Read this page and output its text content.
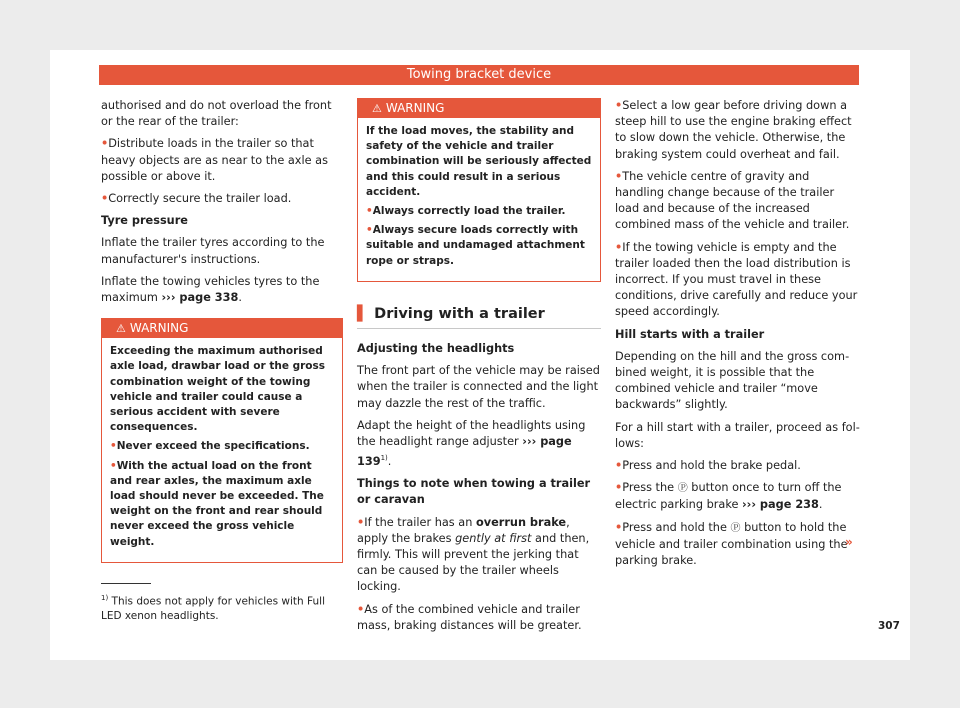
Towing bracket device

authorised and do not overload the front or the rear of the trailer:

• Distribute loads in the trailer so that heavy objects are as near to the axle as possible or above it.

• Correctly secure the trailer load.

Tyre pressure

Inflate the trailer tyres according to the manufacturer's instructions.

Inflate the towing vehicles tyres to the maximum ››› page 338.

⚠ WARNING

Exceeding the maximum authorised axle load, drawbar load or the gross combination weight of the towing vehicle and trailer could cause a serious accident with severe consequences.

• Never exceed the specifications.

• With the actual load on the front and rear axles, the maximum axle load should never be exceeded. The weight on the front and rear should never exceed the gross vehicle weight.

⚠ WARNING

If the load moves, the stability and safety of the vehicle and trailer combination will be seriously affected and this could result in a serious accident.

• Always correctly load the trailer.

• Always secure loads correctly with suitable and undamaged attachment rope or straps.

▌ Driving with a trailer

Adjusting the headlights

The front part of the vehicle may be raised when the trailer is connected and the light may dazzle the rest of the traffic.

Adapt the height of the headlights using the headlight range adjuster ››› page 139$^{1)}$.

Things to note when towing a trailer or caravan

• If the trailer has an overrun brake, apply the brakes gently at first and then, firmly. This will prevent the jerking that can be caused by the trailer wheels locking.

• As of the combined vehicle and trailer mass, braking distances will be greater.

• Select a low gear before driving down a steep hill to use the engine braking effect to slow down the vehicle. Otherwise, the braking system could overheat and fail.

• The vehicle centre of gravity and handling change because of the trailer load and because of the increased combined mass of the vehicle and trailer.

• If the towing vehicle is empty and the trailer loaded then the load distribution is incorrect. If you must travel in these conditions, drive carefully and reduce your speed accordingly.

Hill starts with a trailer

Depending on the hill and the gross combined weight, it is possible that the combined vehicle and trailer “move backwards” slightly.

For a hill start with a trailer, proceed as follows:

• Press and hold the brake pedal.

• Press the Ⓟ button once to turn off the electric parking brake ››› page 238.

• Press and hold the Ⓟ button to hold the vehicle and trailer combination using the parking brake.

$^{1)}$ This does not apply for vehicles with Full LED xenon headlights.
»
307
